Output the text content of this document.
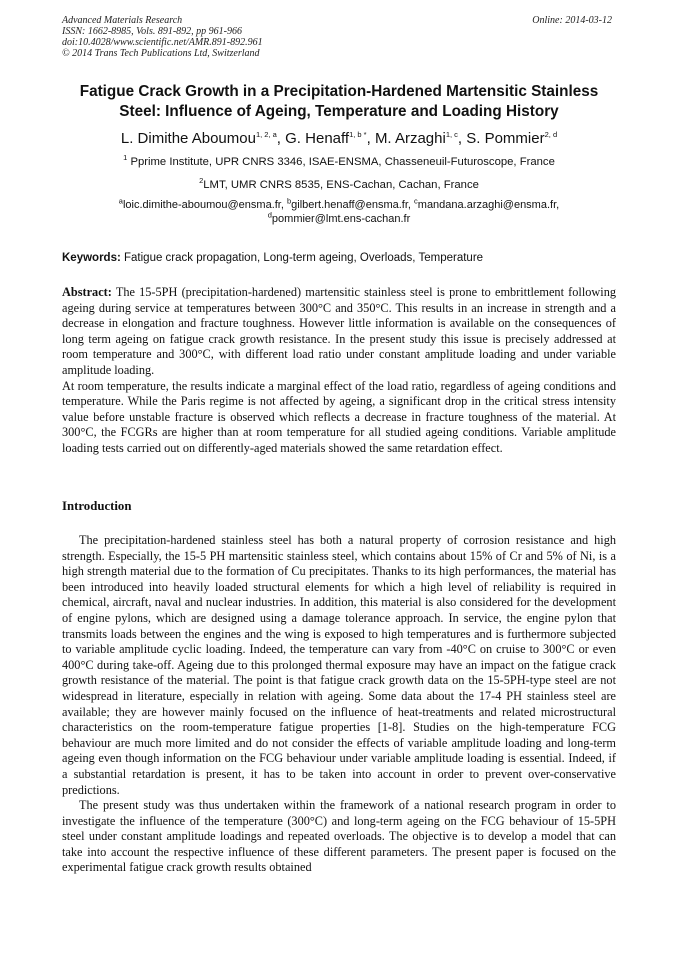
Advanced Materials Research
ISSN: 1662-8985, Vols. 891-892, pp 961-966
doi:10.4028/www.scientific.net/AMR.891-892.961
© 2014 Trans Tech Publications Ltd, Switzerland
Online: 2014-03-12
Fatigue Crack Growth in a Precipitation-Hardened Martensitic Stainless
Steel: Influence of Ageing, Temperature and Loading History
L. Dimithe Aboumou$^{1, 2, a}$, G. Henaff$^{1, b *}$, M. Arzaghi$^{1, c}$, S. Pommier$^{2, d}$
$^1$ Pprime Institute, UPR CNRS 3346, ISAE-ENSMA, Chasseneuil-Futuroscope, France
$^2$LMT, UMR CNRS 8535, ENS-Cachan, Cachan, France
$^a$loic.dimithe-aboumou@ensma.fr, $^b$gilbert.henaff@ensma.fr, $^c$mandana.arzaghi@ensma.fr,
$^d$pommier@lmt.ens-cachan.fr
Keywords: Fatigue crack propagation, Long-term ageing, Overloads, Temperature

Abstract: The 15-5PH (precipitation-hardened) martensitic stainless steel is prone to embrittlement following ageing during service at temperatures between 300°C and 350°C. This results in an increase in strength and a decrease in elongation and fracture toughness. However little information is available on the consequences of long term ageing on fatigue crack growth resistance. In the present study this issue is precisely addressed at room temperature and 300°C, with different load ratio under constant amplitude loading and under variable amplitude loading.

At room temperature, the results indicate a marginal effect of the load ratio, regardless of ageing conditions and temperature. While the Paris regime is not affected by ageing, a significant drop in the critical stress intensity value before unstable fracture is observed which reflects a decrease in fracture toughness of the material. At 300°C, the FCGRs are higher than at room temperature for all studied ageing conditions. Variable amplitude loading tests carried out on differently-aged materials showed the same retardation effect.

Introduction

The precipitation-hardened stainless steel has both a natural property of corrosion resistance and high strength. Especially, the 15-5 PH martensitic stainless steel, which contains about 15% of Cr and 5% of Ni, is a high strength material due to the formation of Cu precipitates. Thanks to its high performances, the material has been introduced into heavily loaded structural elements for which a high level of reliability is required in chemical, aircraft, naval and nuclear industries. In addition, this material is also considered for the development of engine pylons, which are designed using a damage tolerance approach. In service, the engine pylon that transmits loads between the engines and the wing is exposed to high temperatures and is furthermore subjected to variable amplitude cyclic loading. Indeed, the temperature can vary from -40°C on cruise to 300°C or even 400°C during take-off. Ageing due to this prolonged thermal exposure may have an impact on the fatigue crack growth resistance of the material. The point is that fatigue crack growth data on the 15-5PH-type steel are not widespread in literature, especially in relation with ageing. Some data about the 17-4 PH stainless steel are available; they are however mainly focused on the influence of heat-treatments and related microstructural characteristics on the room-temperature fatigue properties [1-8]. Studies on the high-temperature FCG behaviour are much more limited and do not consider the effects of variable amplitude loading and long-term ageing even though information on the FCG behaviour under variable amplitude loading is essential. Indeed, if a substantial retardation is present, it has to be taken into account in order to prevent over-conservative predictions.

The present study was thus undertaken within the framework of a national research program in order to investigate the influence of the temperature (300°C) and long-term ageing on the FCG behaviour of 15-5PH steel under constant amplitude loadings and repeated overloads. The objective is to develop a model that can take into account the respective influence of these different parameters. The present paper is focused on the experimental fatigue crack growth results obtained
